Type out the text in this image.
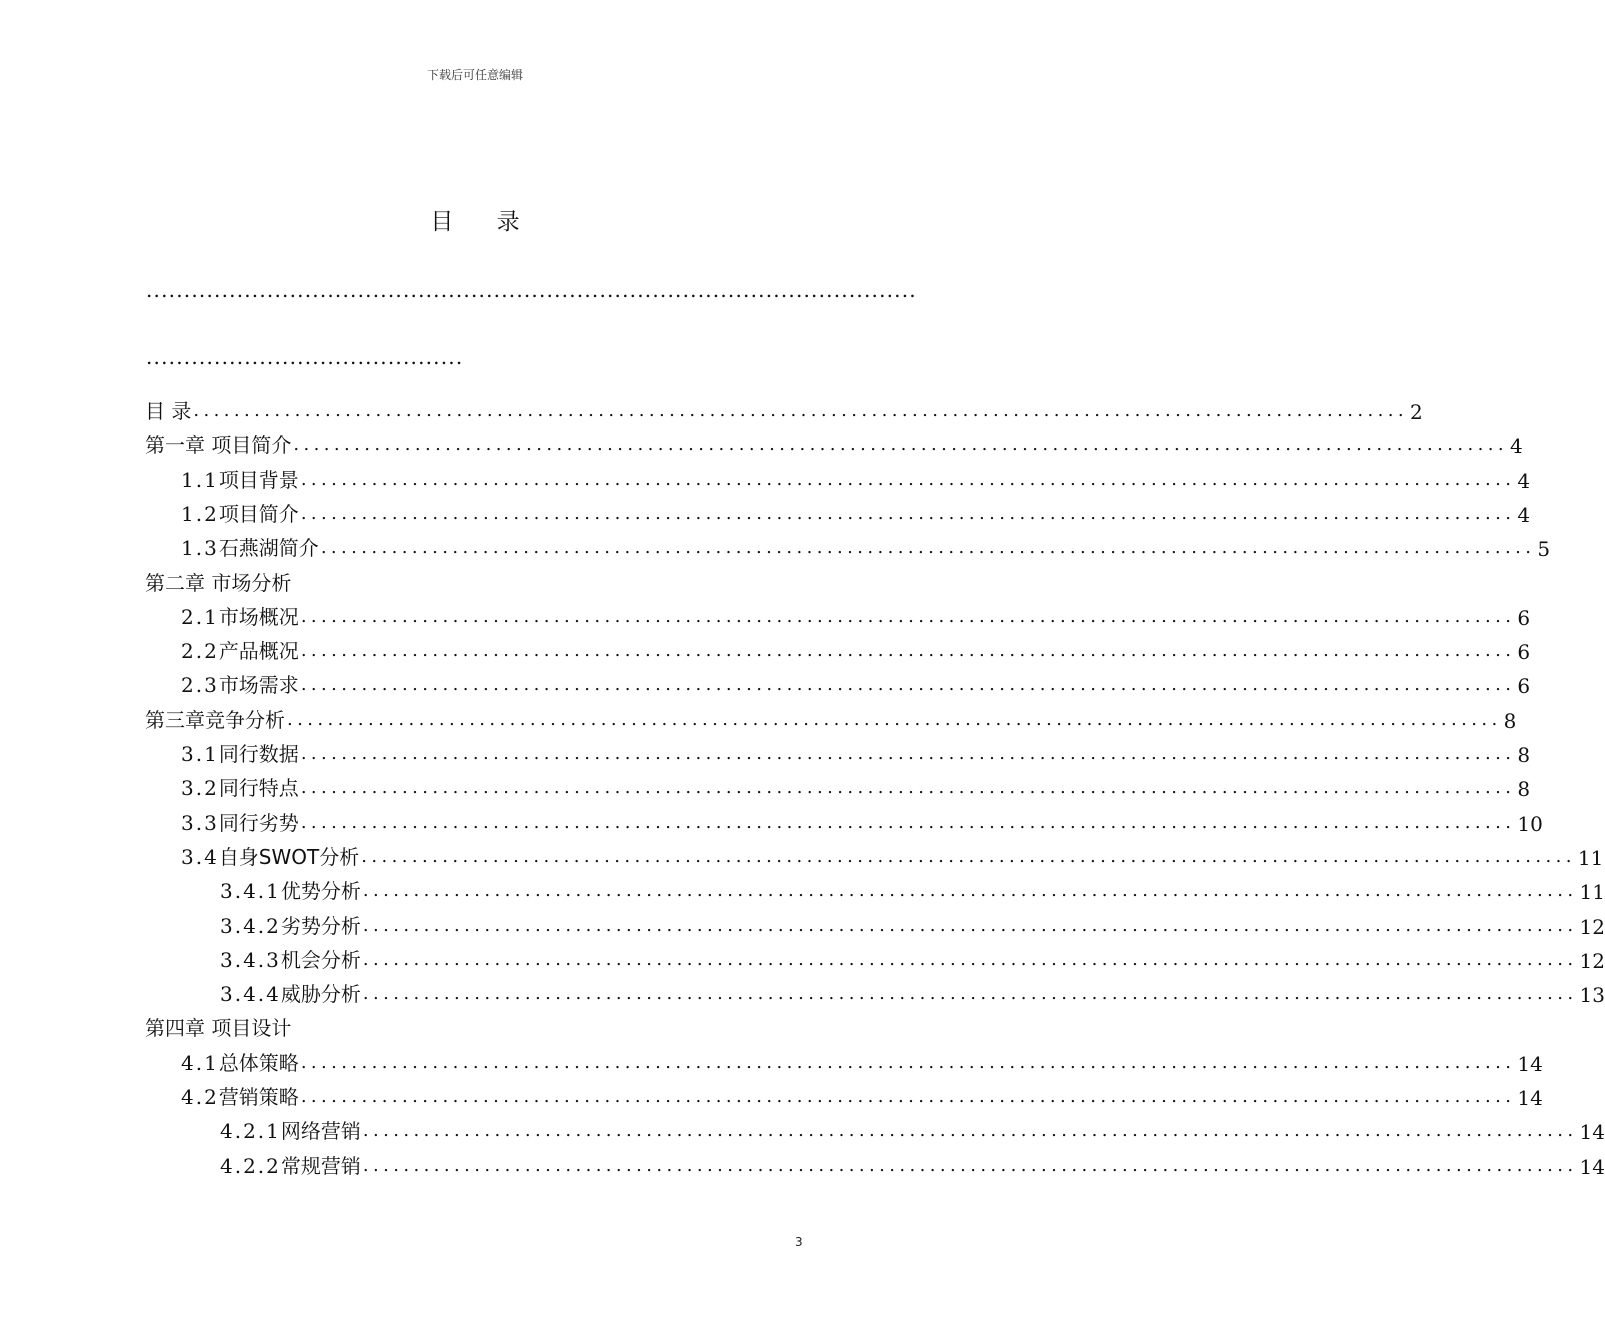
下载后可任意编辑
目 录
......................................................................................................
..........................................
目 录 ........................................................................................................................ 2
第一章 项目简介 ........................................................................................................................ 4
1.1项目背景 ........................................................................................................................ 4
1.2项目简介 ........................................................................................................................ 4
1.3石燕湖简介 ........................................................................................................................ 5
第二章 市场分析
2.1市场概况 ........................................................................................................................ 6
2.2产品概况 ........................................................................................................................ 6
2.3市场需求 ........................................................................................................................ 6
第三章竞争分析 ........................................................................................................................ 8
3.1同行数据 ........................................................................................................................ 8
3.2同行特点 ........................................................................................................................ 8
3.3同行劣势 ........................................................................................................................ 10
3.4自身SWOT分析 ........................................................................................................................ 11
3.4.1优势分析 ........................................................................................................................ 11
3.4.2劣势分析 ........................................................................................................................ 12
3.4.3机会分析 ........................................................................................................................ 12
3.4.4威胁分析 ........................................................................................................................ 13
第四章 项目设计
4.1总体策略 ........................................................................................................................ 14
4.2营销策略 ........................................................................................................................ 14
4.2.1网络营销 ........................................................................................................................ 14
4.2.2常规营销 ........................................................................................................................ 14
3
